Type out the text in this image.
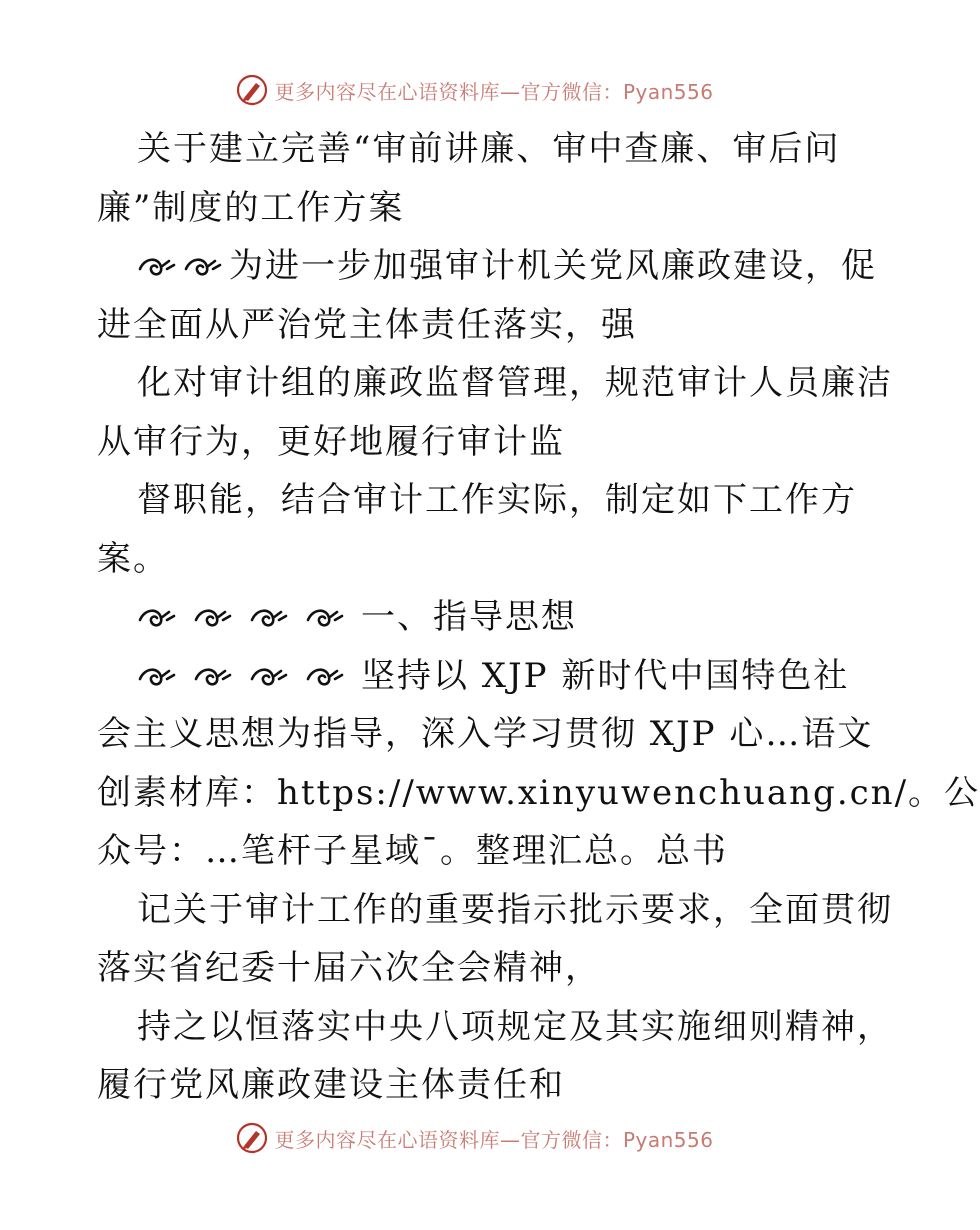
更多内容尽在心语资料库—官方微信：Pyan556
关于建立完善“审前讲廉、审中查廉、审后问
廉”制度的工作方案
为进一步加强审计机关党风廉政建设，促
进全面从严治党主体责任落实，强
化对审计组的廉政监督管理，规范审计人员廉洁
从审行为，更好地履行审计监
督职能，结合审计工作实际，制定如下工作方
案。
一、指导思想
坚持以 XJP 新时代中国特色社
会主义思想为指导，深入学习贯彻 XJP 心…语文
创素材库：https://www.xinyuwenchuang.cn/。公
众号：…笔杆子星域¯。整理汇总。总书
记关于审计工作的重要指示批示要求，全面贯彻
落实省纪委十届六次全会精神，
持之以恒落实中央八项规定及其实施细则精神，
履行党风廉政建设主体责任和
更多内容尽在心语资料库—官方微信：Pyan556
